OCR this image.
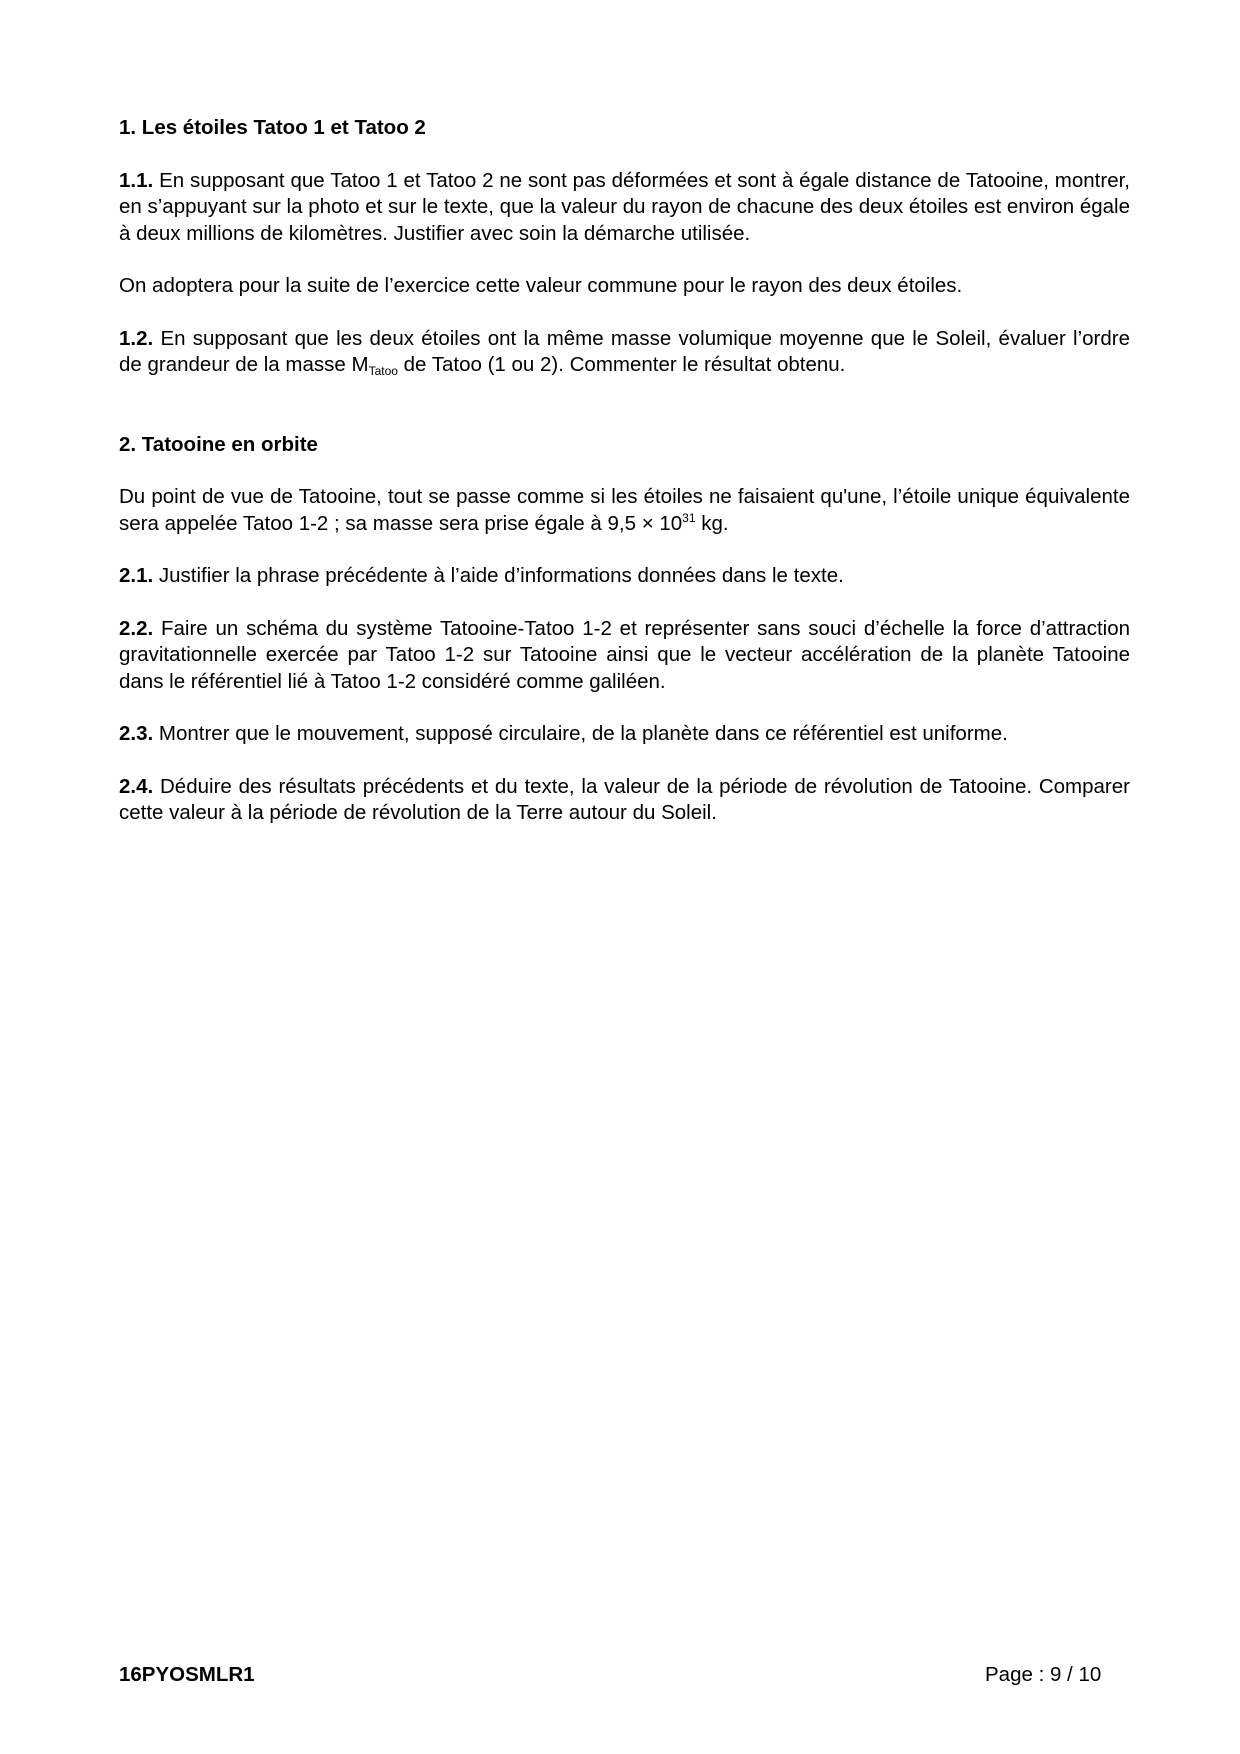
1. Les étoiles Tatoo 1 et Tatoo 2

1.1. En supposant que Tatoo 1 et Tatoo 2 ne sont pas déformées et sont à égale distance de Tatooine, montrer, en s’appuyant sur la photo et sur le texte, que la valeur du rayon de chacune des deux étoiles est environ égale à deux millions de kilomètres. Justifier avec soin la démarche utilisée.

On adoptera pour la suite de l’exercice cette valeur commune pour le rayon des deux étoiles.

1.2. En supposant que les deux étoiles ont la même masse volumique moyenne que le Soleil, évaluer l’ordre de grandeur de la masse $M_{Tatoo}$ de Tatoo (1 ou 2). Commenter le résultat obtenu.

2. Tatooine en orbite

Du point de vue de Tatooine, tout se passe comme si les étoiles ne faisaient qu'une, l’étoile unique équivalente sera appelée Tatoo 1-2 ; sa masse sera prise égale à $9,5 \times 10^{31}$ kg.

2.1. Justifier la phrase précédente à l’aide d’informations données dans le texte.

2.2. Faire un schéma du système Tatooine-Tatoo 1-2 et représenter sans souci d’échelle la force d’attraction gravitationnelle exercée par Tatoo 1-2 sur Tatooine ainsi que le vecteur accélération de la planète Tatooine dans le référentiel lié à Tatoo 1-2 considéré comme galiléen.

2.3. Montrer que le mouvement, supposé circulaire, de la planète dans ce référentiel est uniforme.

2.4. Déduire des résultats précédents et du texte, la valeur de la période de révolution de Tatooine. Comparer cette valeur à la période de révolution de la Terre autour du Soleil.

16PYOSMLR1	Page : 9 / 10
